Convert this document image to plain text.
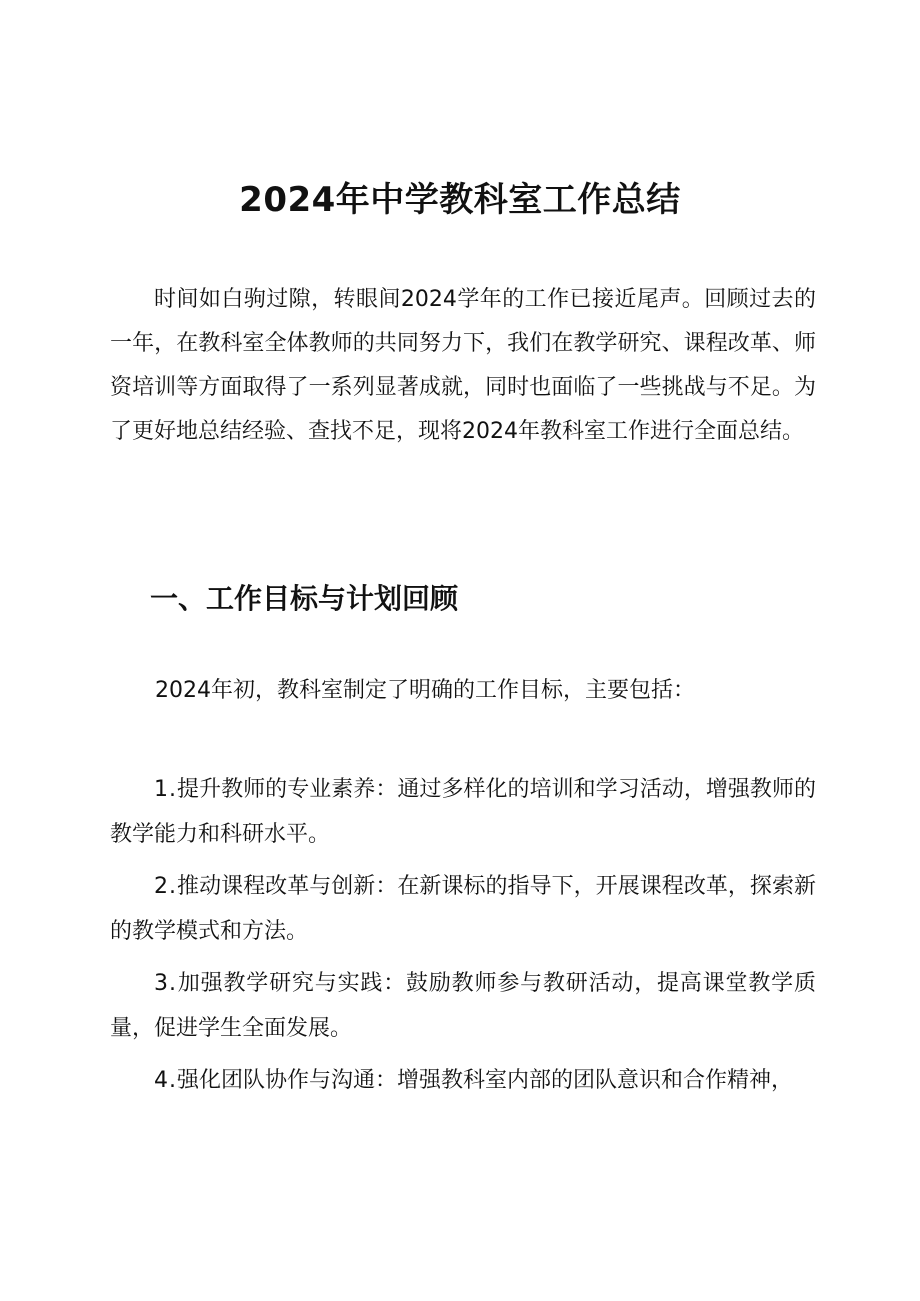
2024年中学教科室工作总结

时间如白驹过隙，转眼间2024学年的工作已接近尾声。回顾过去的一年，在教科室全体教师的共同努力下，我们在教学研究、课程改革、师资培训等方面取得了一系列显著成就，同时也面临了一些挑战与不足。为了更好地总结经验、查找不足，现将2024年教科室工作进行全面总结。

一、工作目标与计划回顾

2024年初，教科室制定了明确的工作目标，主要包括：

1.提升教师的专业素养：通过多样化的培训和学习活动，增强教师的教学能力和科研水平。

2.推动课程改革与创新：在新课标的指导下，开展课程改革，探索新的教学模式和方法。

3.加强教学研究与实践：鼓励教师参与教研活动，提高课堂教学质量，促进学生全面发展。

4.强化团队协作与沟通：增强教科室内部的团队意识和合作精神，
